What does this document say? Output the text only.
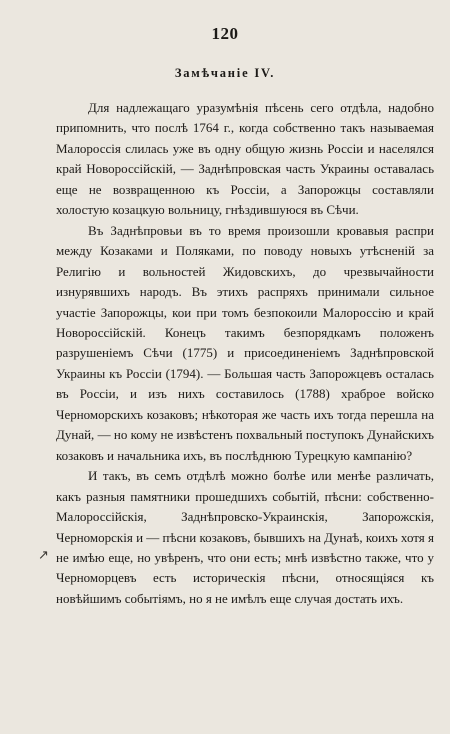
120
Замѣчаніе IV.

Для надлежащаго уразумѣнія пѣсень сего отдѣла, надобно припомнить, что послѣ 1764 г., когда собственно такъ называемая Малороссія слилась уже въ одну общую жизнь Россіи и населялся край Новороссійскій, — Заднѣпровская часть Украины оставалась еще не возвращенною къ Россіи, а Запорожцы составляли холостую козацкую вольницу, гнѣздившуюся въ Сѣчи.

Въ Заднѣпровьи въ то время произошли кровавыя распри между Козаками и Поляками, по поводу новыхъ утѣсненій за Религію и вольностей Жидовскихъ, до чрезвычайности изнурявшихъ народъ. Въ этихъ распряхъ принимали сильное участіе Запорожцы, кои при томъ безпокоили Малороссію и край Новороссійскій. Конецъ такимъ безпорядкамъ положенъ разрушеніемъ Сѣчи (1775) и присоединеніемъ Заднѣпровской Украины къ Россіи (1794). — Большая часть Запорожцевъ осталась въ Россіи, и изъ нихъ составилось (1788) храброе войско Черноморскихъ козаковъ; нѣкоторая же часть ихъ тогда перешла на Дунай, — но кому не извѣстенъ похвальный поступокъ Дунайскихъ козаковъ и начальника ихъ, въ послѣднюю Турецкую кампанію?

И такъ, въ семъ отдѣлѣ можно болѣе или менѣе различать, какъ разныя памятники прошедшихъ событій, пѣсни: собственно-Малороссійскія, Заднѣпровско-Украинскія, Запорожскія, Черноморскія и — пѣсни козаковъ, бывшихъ на Дунаѣ, коихъ хотя я не имѣю еще, но увѣренъ, что они есть; мнѣ извѣстно также, что у Черноморцевъ есть историческія пѣсни, относящіяся къ новѣйшимъ событіямъ, но я не имѣлъ еще случая достать ихъ.

↗
